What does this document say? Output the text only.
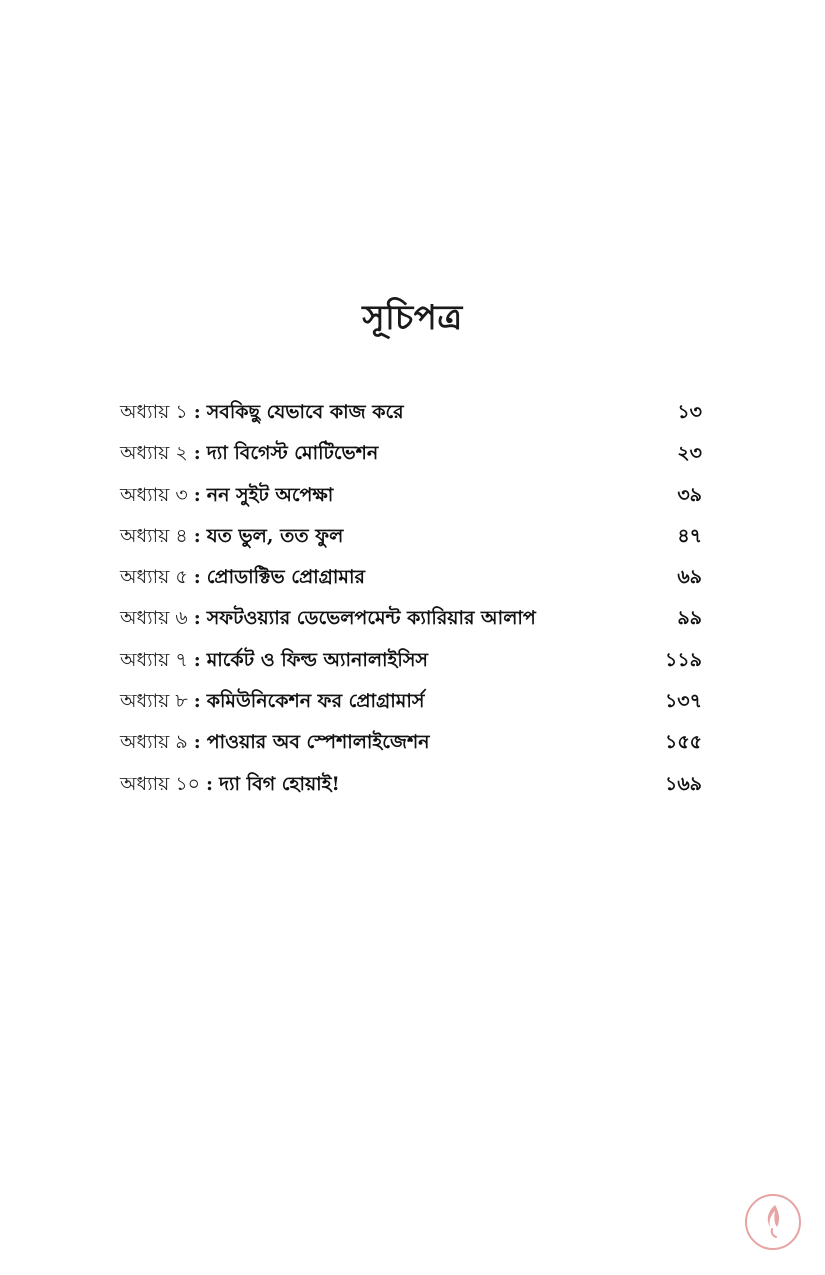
সূচিপত্র
অধ্যায় ১ : সবকিছু যেভাবে কাজ করে	১৩
অধ্যায় ২ : দ্যা বিগেস্ট মোটিভেশন	২৩
অধ্যায় ৩ : নন সুইট অপেক্ষা	৩৯
অধ্যায় ৪ : যত ভুল, তত ফুল	৪৭
অধ্যায় ৫ : প্রোডাক্টিভ প্রোগ্রামার	৬৯
অধ্যায় ৬ : সফটওয়্যার ডেভেলপমেন্ট ক্যারিয়ার আলাপ	৯৯
অধ্যায় ৭ : মার্কেট ও ফিল্ড অ্যানালাইসিস	১১৯
অধ্যায় ৮ : কমিউনিকেশন ফর প্রোগ্রামার্স	১৩৭
অধ্যায় ৯ : পাওয়ার অব স্পেশালাইজেশন	১৫৫
অধ্যায় ১০ : দ্যা বিগ হোয়াই!	১৬৯
